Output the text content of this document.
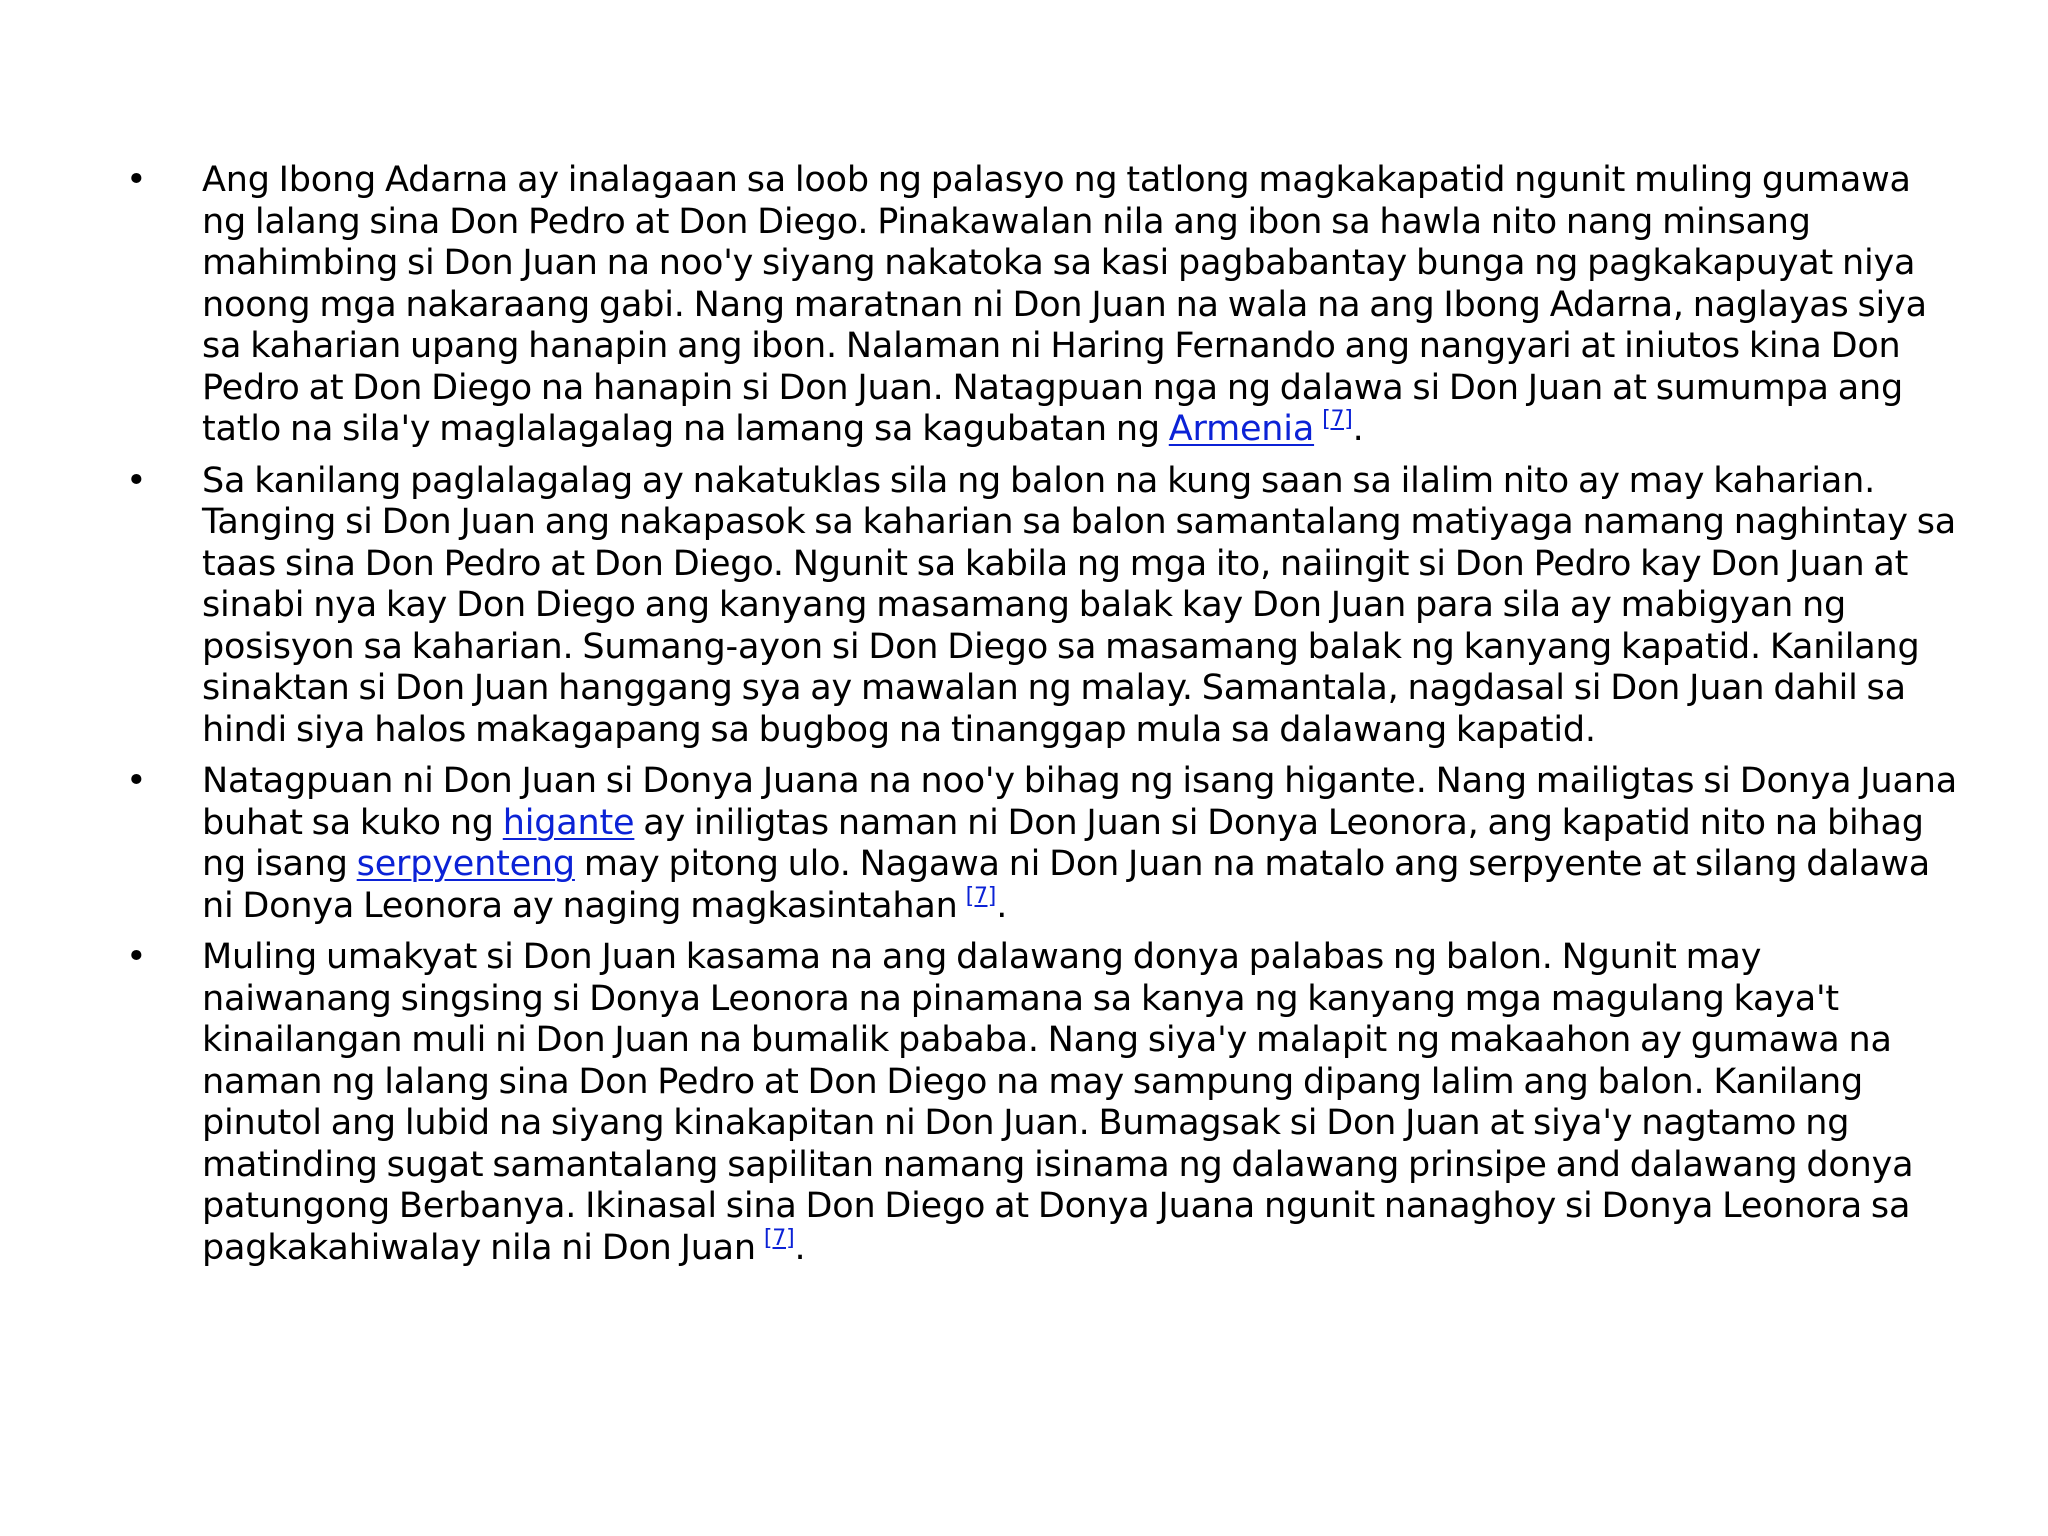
• Ang Ibong Adarna ay inalagaan sa loob ng palasyo ng tatlong magkakapatid ngunit muling gumawa ng lalang sina Don Pedro at Don Diego. Pinakawalan nila ang ibon sa hawla nito nang minsang mahimbing si Don Juan na noo'y siyang nakatoka sa kasi pagbabantay bunga ng pagkakapuyat niya noong mga nakaraang gabi. Nang maratnan ni Don Juan na wala na ang Ibong Adarna, naglayas siya sa kaharian upang hanapin ang ibon. Nalaman ni Haring Fernando ang nangyari at iniutos kina Don Pedro at Don Diego na hanapin si Don Juan. Natagpuan nga ng dalawa si Don Juan at sumumpa ang tatlo na sila'y maglalagalag na lamang sa kagubatan ng Armenia [7].
• Sa kanilang paglalagalag ay nakatuklas sila ng balon na kung saan sa ilalim nito ay may kaharian. Tanging si Don Juan ang nakapasok sa kaharian sa balon samantalang matiyaga namang naghintay sa taas sina Don Pedro at Don Diego. Ngunit sa kabila ng mga ito, naiingit si Don Pedro kay Don Juan at sinabi nya kay Don Diego ang kanyang masamang balak kay Don Juan para sila ay mabigyan ng posisyon sa kaharian. Sumang-ayon si Don Diego sa masamang balak ng kanyang kapatid. Kanilang sinaktan si Don Juan hanggang sya ay mawalan ng malay. Samantala, nagdasal si Don Juan dahil sa hindi siya halos makagapang sa bugbog na tinanggap mula sa dalawang kapatid.
• Natagpuan ni Don Juan si Donya Juana na noo'y bihag ng isang higante. Nang mailigtas si Donya Juana buhat sa kuko ng higante ay iniligtas naman ni Don Juan si Donya Leonora, ang kapatid nito na bihag ng isang serpyenteng may pitong ulo. Nagawa ni Don Juan na matalo ang serpyente at silang dalawa ni Donya Leonora ay naging magkasintahan [7].
• Muling umakyat si Don Juan kasama na ang dalawang donya palabas ng balon. Ngunit may naiwanang singsing si Donya Leonora na pinamana sa kanya ng kanyang mga magulang kaya't kinailangan muli ni Don Juan na bumalik pababa. Nang siya'y malapit ng makaahon ay gumawa na naman ng lalang sina Don Pedro at Don Diego na may sampung dipang lalim ang balon. Kanilang pinutol ang lubid na siyang kinakapitan ni Don Juan. Bumagsak si Don Juan at siya'y nagtamo ng matinding sugat samantalang sapilitan namang isinama ng dalawang prinsipe and dalawang donya patungong Berbanya. Ikinasal sina Don Diego at Donya Juana ngunit nanaghoy si Donya Leonora sa pagkakahiwalay nila ni Don Juan [7].
